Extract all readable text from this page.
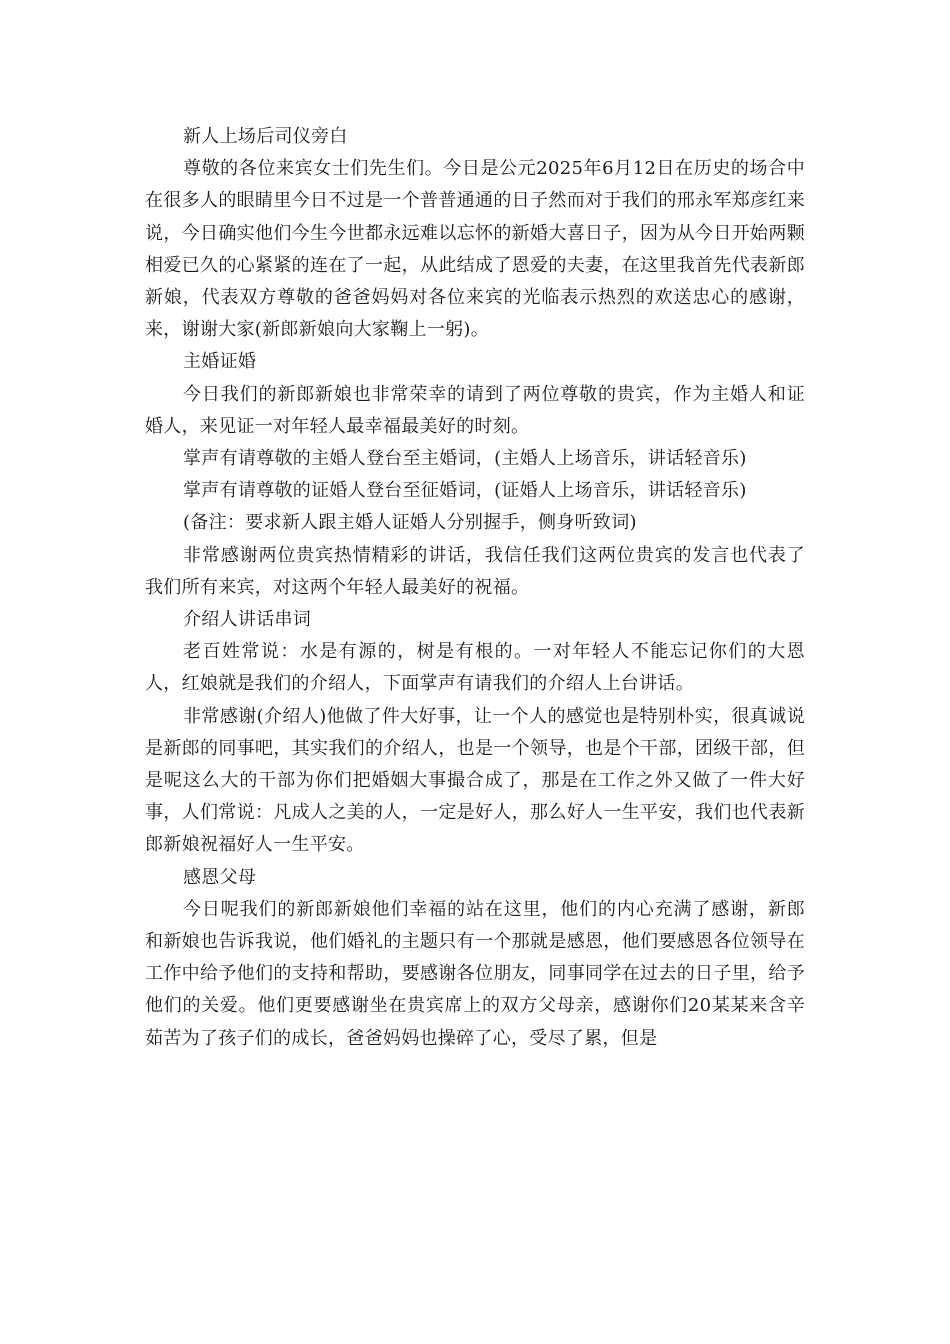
新人上场后司仪旁白

尊敬的各位来宾女士们先生们。今日是公元2025年6月12日在历史的场合中在很多人的眼睛里今日不过是一个普普通通的日子然而对于我们的邢永军郑彦红来说，今日确实他们今生今世都永远难以忘怀的新婚大喜日子，因为从今日开始两颗相爱已久的心紧紧的连在了一起，从此结成了恩爱的夫妻，在这里我首先代表新郎新娘，代表双方尊敬的爸爸妈妈对各位来宾的光临表示热烈的欢送忠心的感谢，来，谢谢大家(新郎新娘向大家鞠上一躬)。

主婚证婚

今日我们的新郎新娘也非常荣幸的请到了两位尊敬的贵宾，作为主婚人和证婚人，来见证一对年轻人最幸福最美好的时刻。

掌声有请尊敬的主婚人登台至主婚词，(主婚人上场音乐，讲话轻音乐)

掌声有请尊敬的证婚人登台至征婚词，(证婚人上场音乐，讲话轻音乐)

(备注：要求新人跟主婚人证婚人分别握手，侧身听致词)

非常感谢两位贵宾热情精彩的讲话，我信任我们这两位贵宾的发言也代表了我们所有来宾，对这两个年轻人最美好的祝福。

介绍人讲话串词

老百姓常说：水是有源的，树是有根的。一对年轻人不能忘记你们的大恩人，红娘就是我们的介绍人，下面掌声有请我们的介绍人上台讲话。

非常感谢(介绍人)他做了件大好事，让一个人的感觉也是特别朴实，很真诚说是新郎的同事吧，其实我们的介绍人，也是一个领导，也是个干部，团级干部，但是呢这么大的干部为你们把婚姻大事撮合成了，那是在工作之外又做了一件大好事，人们常说：凡成人之美的人，一定是好人，那么好人一生平安，我们也代表新郎新娘祝福好人一生平安。

感恩父母

今日呢我们的新郎新娘他们幸福的站在这里，他们的内心充满了感谢，新郎和新娘也告诉我说，他们婚礼的主题只有一个那就是感恩，他们要感恩各位领导在工作中给予他们的支持和帮助，要感谢各位朋友，同事同学在过去的日子里，给予他们的关爱。他们更要感谢坐在贵宾席上的双方父母亲，感谢你们20某某来含辛茹苦为了孩子们的成长，爸爸妈妈也操碎了心，受尽了累，但是
